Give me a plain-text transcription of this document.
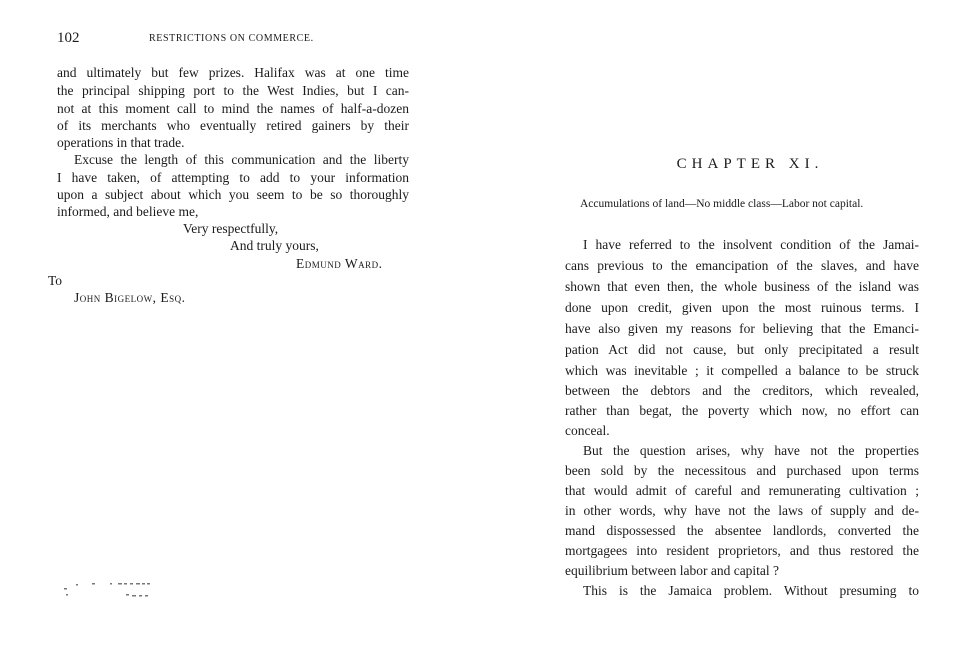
102	RESTRICTIONS ON COMMERCE.
and ultimately but few prizes. Halifax was at one time
the principal shipping port to the West Indies, but I can-
not at this moment call to mind the names of half-a-dozen
of its merchants who eventually retired gainers by their
operations in that trade.
Excuse the length of this communication and the liberty
I have taken, of attempting to add to your information
upon a subject about which you seem to be so thoroughly
informed, and believe me,
Very respectfully,
And truly yours,
Edmund Ward.
To
John Bigelow, Esq.
CHAPTER XI.
Accumulations of land—No middle class—Labor not capital.
I have referred to the insolvent condition of the Jamai-
cans previous to the emancipation of the slaves, and have
shown that even then, the whole business of the island was
done upon credit, given upon the most ruinous terms. I
have also given my reasons for believing that the Emanci-
pation Act did not cause, but only precipitated a result
which was inevitable ; it compelled a balance to be struck
between the debtors and the creditors, which revealed,
rather than begat, the poverty which now, no effort can
conceal.
But the question arises, why have not the properties
been sold by the necessitous and purchased upon terms
that would admit of careful and remunerating cultivation ;
in other words, why have not the laws of supply and de-
mand dispossessed the absentee landlords, converted the
mortgagees into resident proprietors, and thus restored the
equilibrium between labor and capital ?
This is the Jamaica problem. Without presuming to
